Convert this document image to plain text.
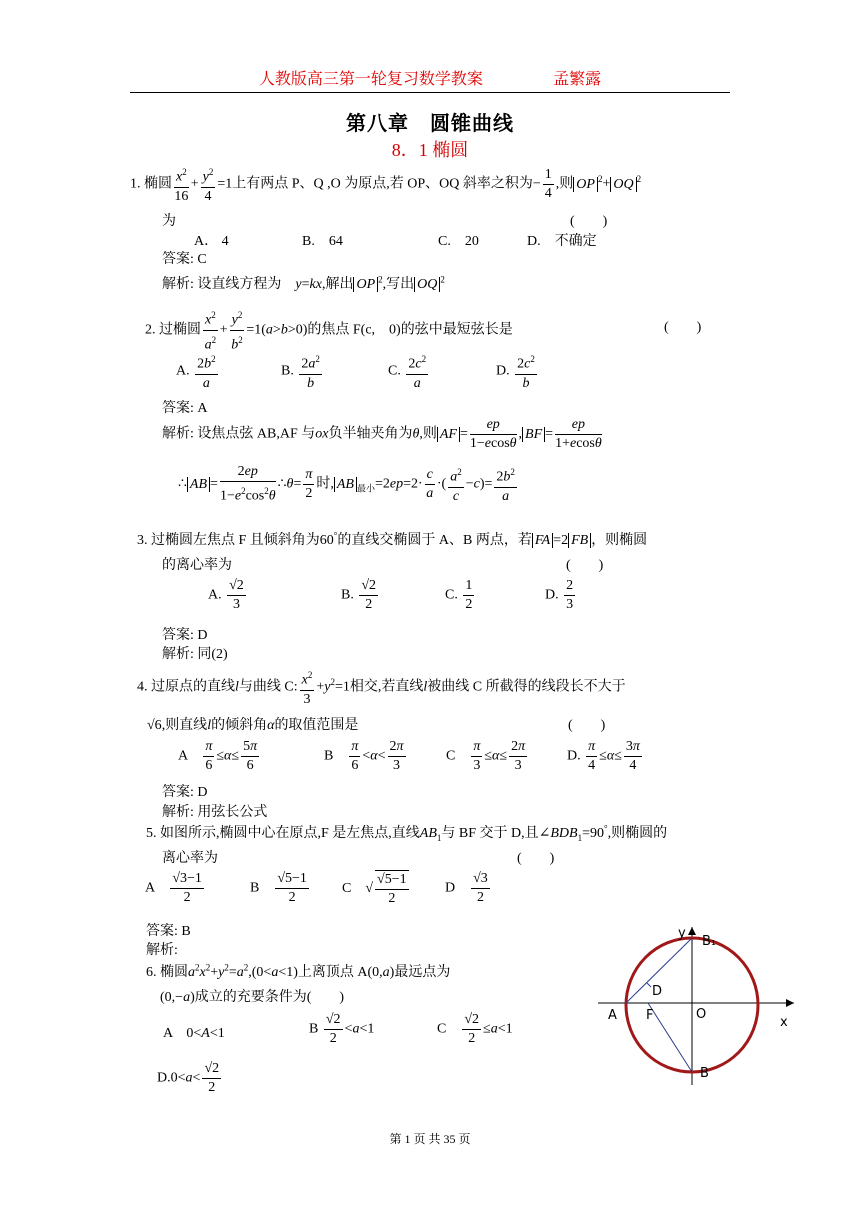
人教版高三第一轮复习数学教案	孟繁露
第八章　圆锥曲线
8．1 椭圆
1. 椭圆 $\frac{x^2}{16} + \frac{y^2}{4} =1$上有两点 P、Q ,O 为原点,若 OP、OQ 斜率之积为− $\frac{1}{4}$ ,则 OP $^2$+ OQ $^2$
为	(　　)
A． 4	B.　64	C.　20	D.　不确定
答案: C
解析: 设直线方程为　 y=kx,解出 OP $^2$,写出 OQ $^2$
2. 过椭圆 $\frac{x^2}{a^2} + \frac{y^2}{b^2} =1(a>b>0)$的焦点 F(c,　0)的弦中最短弦长是	(　　)
A. $\frac{2b^2}{a}$	B. $\frac{2a^2}{b}$	C. $\frac{2c^2}{a}$	D. $\frac{2c^2}{b}$
答案: A
解析: 设焦点弦 AB,AF 与ox负半轴夹角为θ,则 AF = $\frac{ep}{1-ecos\theta}$ , BF = $\frac{ep}{1+ecos\theta}$
∴ AB = $\frac{2ep}{1-e^2\cos^2\theta}$ ∴θ= $\frac{\pi}{2}$ 时, AB $_{最小}=2ep=2\cdot \frac{c}{a}$ ·( $\frac{a^2}{c} -c)= \frac{2b^2}{a}$
3. 过椭圆左焦点 F 且倾斜角为60°的直线交椭圆于 A、B 两点，若 FA =2 FB ，则椭圆
的离心率为	(　　)
A. $\frac{√2}{3}$	B. $\frac{√2}{2}$	C. $\frac{1}{2}$	D. $\frac{2}{3}$
答案: D
解析: 同(2)
4. 过原点的直线l与曲线 C: $\frac{x^2}{3} +y^2=1$相交,若直线l被曲线 C 所截得的线段长不大于
√6,则直线l的倾斜角α的取值范围是	(　　)
A　 $\frac{\pi}{6} \le\alpha\le \frac{5\pi}{6}$	B　 $\frac{\pi}{6} <\alpha< \frac{2\pi}{3}$	C　 $\frac{\pi}{3} \le\alpha\le \frac{2\pi}{3}$	D. $\frac{\pi}{4} \le\alpha\le \frac{3\pi}{4}$
答案: D
解析: 用弦长公式
5. 如图所示,椭圆中心在原点,F 是左焦点,直线$AB_1$与 BF 交于 D,且$\angle BDB_1=90^\circ$,则椭圆的
离心率为	(　　)
A　 $\frac{√3-1}{2}$	B　 $\frac{√5-1}{2}$ C　√ $\frac{√5-1}{2}$	D　 $\frac{√3}{2}$
答案: B
解析:
6. 椭圆$a^2x^2+y^2=a^2,(0<a<1)$上离顶点 A(0,a)最远点为
(0,−a)成立的充要条件为(　　)
A　0<A<1	B $\frac{√2}{2} <a<1$	C　 $\frac{√2}{2} \le a<1$
$D.0<a< \frac{√2}{2}$
y
B₁
D
A F	O
x
B
第 1 页 共 35 页
